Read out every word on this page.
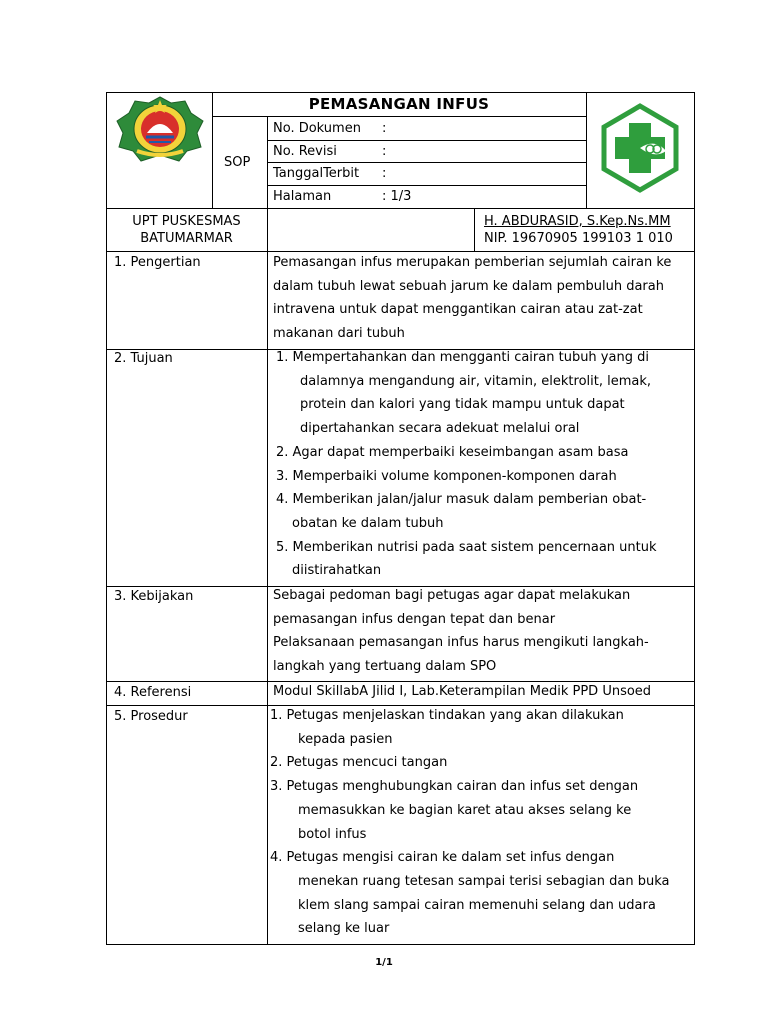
PEMASANGAN INFUS
SOP
No. Dokumen :
No. Revisi	:
TanggalTerbit :
Halaman	: 1/3
UPT PUSKESMAS
BATUMARMAR
H. ABDURASID, S.Kep.Ns.MM
NIP. 19670905 199103 1 010
1. Pengertian	Pemasangan infus merupakan pemberian sejumlah cairan ke
dalam tubuh lewat sebuah jarum ke dalam pembuluh darah
intravena untuk dapat menggantikan cairan atau zat-zat
makanan dari tubuh
2. Tujuan	1. Mempertahankan dan mengganti cairan tubuh yang di
dalamnya mengandung air, vitamin, elektrolit, lemak,
protein dan kalori yang tidak mampu untuk dapat
dipertahankan secara adekuat melalui oral
2. Agar dapat memperbaiki keseimbangan asam basa
3. Memperbaiki volume komponen-komponen darah
4. Memberikan jalan/jalur masuk dalam pemberian obat-
obatan ke dalam tubuh
5. Memberikan nutrisi pada saat sistem pencernaan untuk
diistirahatkan
3. Kebijakan	Sebagai pedoman bagi petugas agar dapat melakukan
pemasangan infus dengan tepat dan benar
Pelaksanaan pemasangan infus harus mengikuti langkah-
langkah yang tertuang dalam SPO
4. Referensi	Modul SkillabA Jilid I, Lab.Keterampilan Medik PPD Unsoed
5. Prosedur	1. Petugas menjelaskan tindakan yang akan dilakukan
kepada pasien
2. Petugas mencuci tangan
3. Petugas menghubungkan cairan dan infus set dengan
memasukkan ke bagian karet atau akses selang ke
botol infus
4. Petugas mengisi cairan ke dalam set infus dengan
menekan ruang tetesan sampai terisi sebagian dan buka
klem slang sampai cairan memenuhi selang dan udara
selang ke luar
1/1
